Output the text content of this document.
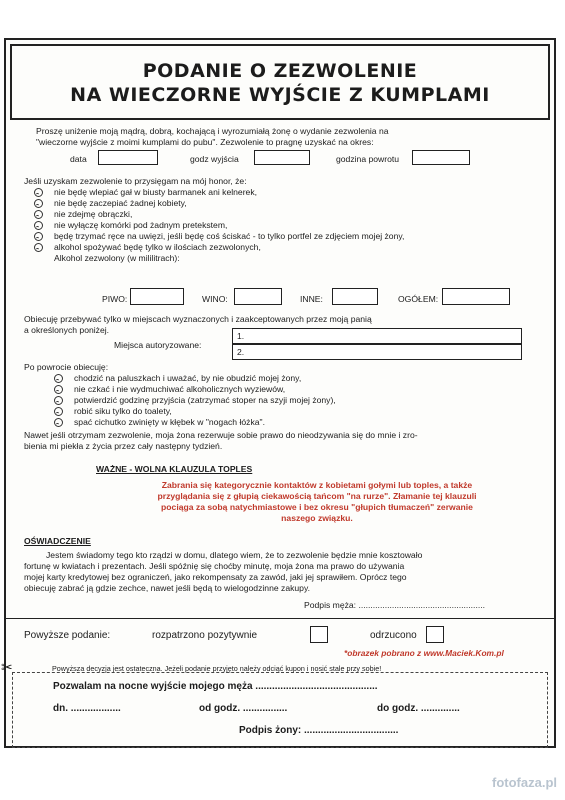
PODANIE O ZEZWOLENIE
NA WIECZORNE WYJŚCIE Z KUMPLAMI
Proszę uniżenie moją mądrą, dobrą, kochającą i wyrozumiałą żonę o wydanie zezwolenia na
"wieczorne wyjście z moimi kumplami do pubu". Zezwolenie to pragnę uzyskać na okres:
data	godz wyjścia	godzina powrotu
Jeśli uzyskam zezwolenie to przysięgam na mój honor, że:
nie będę wlepiać gał w biusty barmanek ani kelnerek,
nie będę zaczepiać żadnej kobiety,
nie zdejmę obrączki,
nie wyłączę komórki pod żadnym pretekstem,
będę trzymać ręce na uwięzi, jeśli będę coś ściskać - to tylko portfel ze zdjęciem mojej żony,
alkohol spożywać będę tylko w ilościach zezwolonych,
Alkohol zezwolony (w mililitrach):
PIWO:	WINO:	INNE:	OGÓŁEM:
Obiecuję przebywać tylko w miejscach wyznaczonych i zaakceptowanych przez moją panią
a określonych poniżej.
Miejsca autoryzowane:
1.
2.
Po powrocie obiecuję:
chodzić na paluszkach i uważać, by nie obudzić mojej żony,
nie czkać i nie wydmuchiwać alkoholicznych wyziewów,
potwierdzić godzinę przyjścia (zatrzymać stoper na szyji mojej żony),
robić siku tylko do toalety,
spać cichutko zwinięty w kłębek w "nogach łóżka".
Nawet jeśli otrzymam zezwolenie, moja żona rezerwuje sobie prawo do nieodzywania się do mnie i zro-
bienia mi piekła z życia przez cały następny tydzień.
WAŻNE - WOLNA KLAUZULA TOPLES
Zabrania się kategorycznie kontaktów z kobietami gołymi lub toples, a także
przyglądania się z głupią ciekawością tańcom "na rurze". Złamanie tej klauzuli
pociąga za sobą natychmiastowe i bez okresu "głupich tłumaczeń" zerwanie
naszego związku.
OŚWIADCZENIE
Jestem świadomy tego kto rządzi w domu, dlatego wiem, że to zezwolenie będzie mnie kosztowało
fortunę w kwiatach i prezentach. Jeśli spóźnię się choćby minutę, moja żona ma prawo do używania
mojej karty kredytowej bez ograniczeń, jako rekompensaty za zawód, jaki jej sprawiłem. Oprócz tego
obiecuję zabrać ją gdzie zechce, nawet jeśli będą to wielogodzinne zakupy.
Podpis męża: .....................................................
Powyższe podanie:	rozpatrzono pozytywnie	odrzucono
*obrazek pobrano z www.Maciek.Kom.pl
Powyższa decyzja jest ostateczna. Jeżeli podanie przyjęto należy odciąć kupon i nosić stale przy sobie!
✂
Pozwalam na nocne wyjście mojego męża ............................................
dn. ..................	od godz. ................	do godz. ..............
Podpis żony: ..................................
fotofaza.pl
